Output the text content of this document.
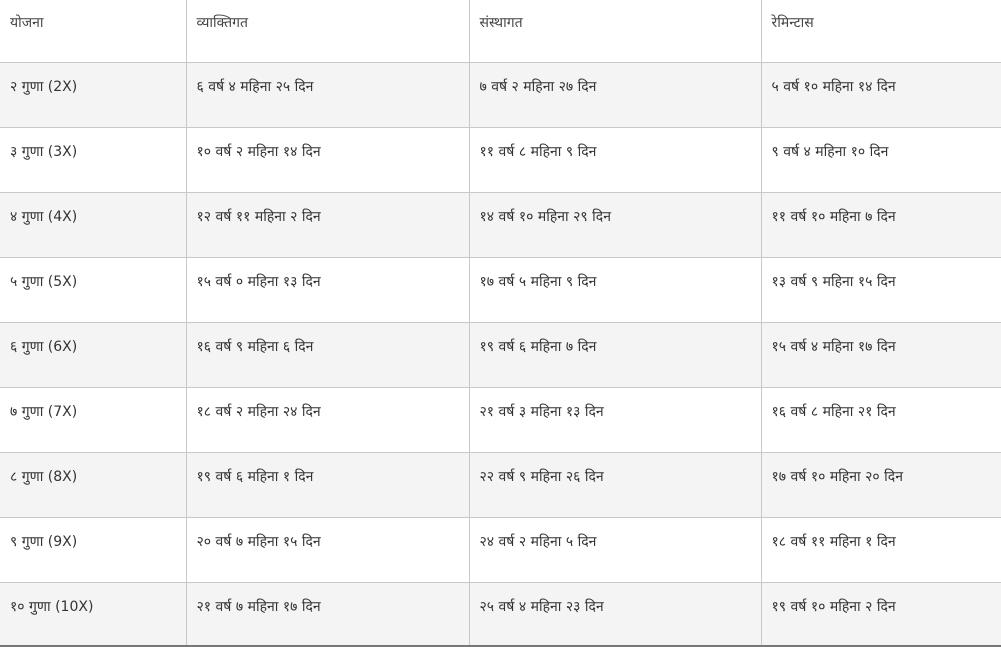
योजना	व्याक्तिगत	संस्थागत	रेमिन्टास
२ गुणा (2X)	६ वर्ष ४ महिना २५ दिन	७ वर्ष २ महिना २७ दिन	५ वर्ष १० महिना १४ दिन
३ गुणा (3X)	१० वर्ष २ महिना १४ दिन	११ वर्ष ८ महिना ९ दिन	९ वर्ष ४ महिना १० दिन
४ गुणा (4X)	१२ वर्ष ११ महिना २ दिन	१४ वर्ष १० महिना २९ दिन	११ वर्ष १० महिना ७ दिन
५ गुणा (5X)	१५ वर्ष ० महिना १३ दिन	१७ वर्ष ५ महिना ९ दिन	१३ वर्ष ९ महिना १५ दिन
६ गुणा (6X)	१६ वर्ष ९ महिना ६ दिन	१९ वर्ष ६ महिना ७ दिन	१५ वर्ष ४ महिना १७ दिन
७ गुणा (7X)	१८ वर्ष २ महिना २४ दिन	२१ वर्ष ३ महिना १३ दिन	१६ वर्ष ८ महिना २१ दिन
८ गुणा (8X)	१९ वर्ष ६ महिना १ दिन	२२ वर्ष ९ महिना २६ दिन	१७ वर्ष १० महिना २० दिन
९ गुणा (9X)	२० वर्ष ७ महिना १५ दिन	२४ वर्ष २ महिना ५ दिन	१८ वर्ष ११ महिना १ दिन
१० गुणा (10X)	२१ वर्ष ७ महिना १७ दिन	२५ वर्ष ४ महिना २३ दिन	१९ वर्ष १० महिना २ दिन
